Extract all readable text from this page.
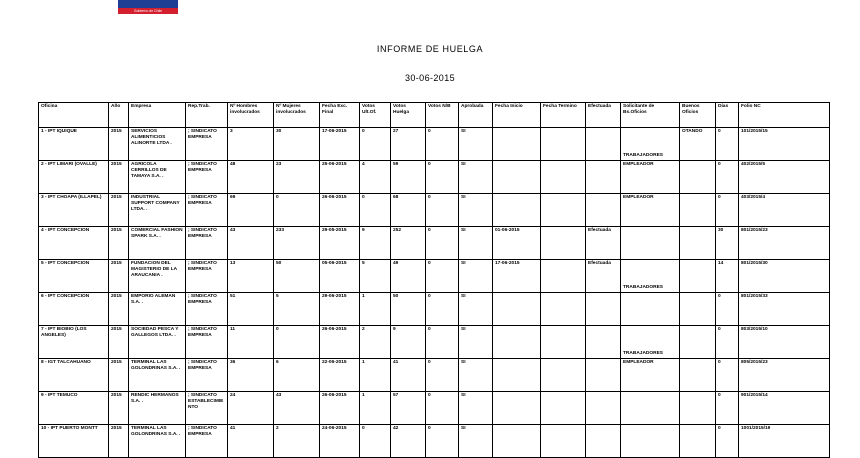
Gobierno de Chile
INFORME DE HUELGA
30-06-2015
Oficina	Año	Empresa	Rep.Trab.	Nº Hombres involucrados	Nº Mujeres involucrados	Fecha Exc. Final	Votos Ult.Of.	Votos Huelga	Votos N/B	Aprobada	Fecha Inicio	Fecha Termino	Efectuada	Solicitante de Bs.Oficios	Buenos Oficios	Días	Folio NC
1 - IPT IQUIQUE	2015	SERVICIOS ALIMENTICIOS ALINORTE LTDA .	; SINDICATO EMPRESA	3	30	17-06-2015	0	27	0	SI				TRABAJADORES	OTANDO	0	101/2015/15
2 - IPT LIMARI (OVALLE)	2015	AGRICOLA CERRILLOS DE TAMAYA S.A. .	; SINDICATO EMPRESA	48	23	25-06-2015	4	59	0	SI				EMPLEADOR		0	402/2015/5
3 - IPT CHOAPA (ILLAPEL)	2015	INDUSTRIAL SUPPORT COMPANY LTDA. .	; SINDICATO EMPRESA	69	0	26-06-2015	0	68	0	SI				EMPLEADOR		0	403/2015/4
4 - IPT CONCEPCION	2015	COMERCIAL FASHION SPARK S.A. .	; SINDICATO EMPRESA	43	233	29-05-2015	9	252	0	SI	01-06-2015		Efectuada			30	801/2015/23
5 - IPT CONCEPCION	2015	FUNDACION DEL MAGISTERIO DE LA ARAUCANIA .	; SINDICATO EMPRESA	13	50	05-06-2015	5	49	0	SI	17-06-2015		Efectuada	TRABAJADORES		14	801/2015/30
6 - IPT CONCEPCION	2015	EMPORIO ALEMAN S.A. .	; SINDICATO EMPRESA	51	5	29-06-2015	1	50	0	SI						0	801/2015/33
7 - IPT BIOBIO (LOS ANGELES)	2015	SOCIEDAD PESCA Y GALLEGOS LTDA. .	; SINDICATO EMPRESA	11	0	26-06-2015	2	9	0	SI				TRABAJADORES		0	803/2015/10
8 - IGT TALCAHUANO	2015	TERMINAL LAS GOLONDRINAS S.A. .	; SINDICATO EMPRESA	36	6	22-06-2015	1	41	0	SI				EMPLEADOR		0	805/2015/23
9 - IPT TEMUCO	2015	RENDIC HERMANOS S.A. .	; SINDICATO ESTABLECIMIENTO	24	43	26-06-2015	1	57	0	SI						0	901/2015/14
10 - IPT PUERTO MONTT	2015	TERMINAL LAS GOLONDRINAS S.A. .	; SINDICATO EMPRESA	41	2	24-06-2015	0	42	0	SI						0	1001/2015/19
